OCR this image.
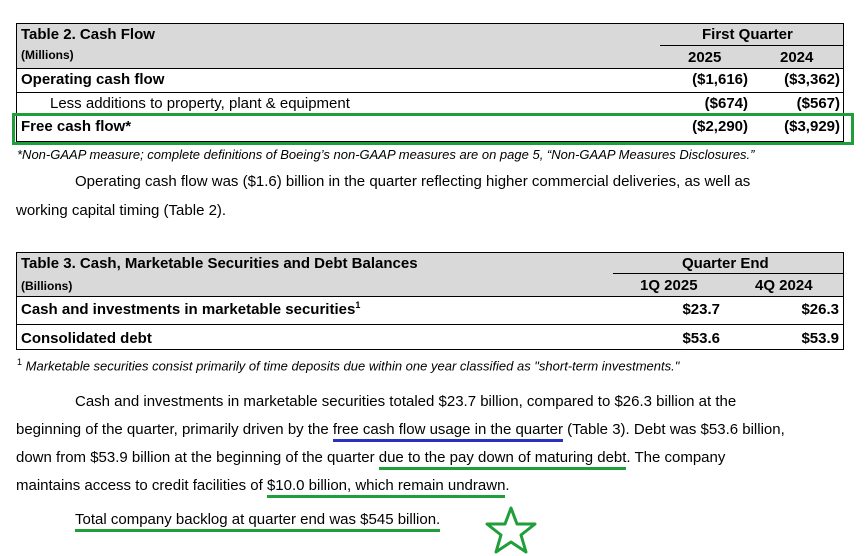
Table 2. Cash Flow
(Millions)
First Quarter
2025	2024
Operating cash flow	($1,616)	($3,362)
Less additions to property, plant & equipment	($674)	($567)
Free cash flow*	($2,290)	($3,929)
*Non-GAAP measure; complete definitions of Boeing’s non-GAAP measures are on page 5, “Non-GAAP Measures Disclosures.”
Operating cash flow was ($1.6) billion in the quarter reflecting higher commercial deliveries, as well as
working capital timing (Table 2).
Table 3. Cash, Marketable Securities and Debt Balances
(Billions)
Quarter End
1Q 2025	4Q 2024
Cash and investments in marketable securities$^1$	$23.7	$26.3
Consolidated debt	$53.6	$53.9
$^1$ Marketable securities consist primarily of time deposits due within one year classified as "short-term investments."
Cash and investments in marketable securities totaled $23.7 billion, compared to $26.3 billion at the
beginning of the quarter, primarily driven by the free cash flow usage in the quarter (Table 3). Debt was $53.6 billion,
down from $53.9 billion at the beginning of the quarter due to the pay down of maturing debt. The company
maintains access to credit facilities of $10.0 billion, which remain undrawn.
Total company backlog at quarter end was $545 billion.
